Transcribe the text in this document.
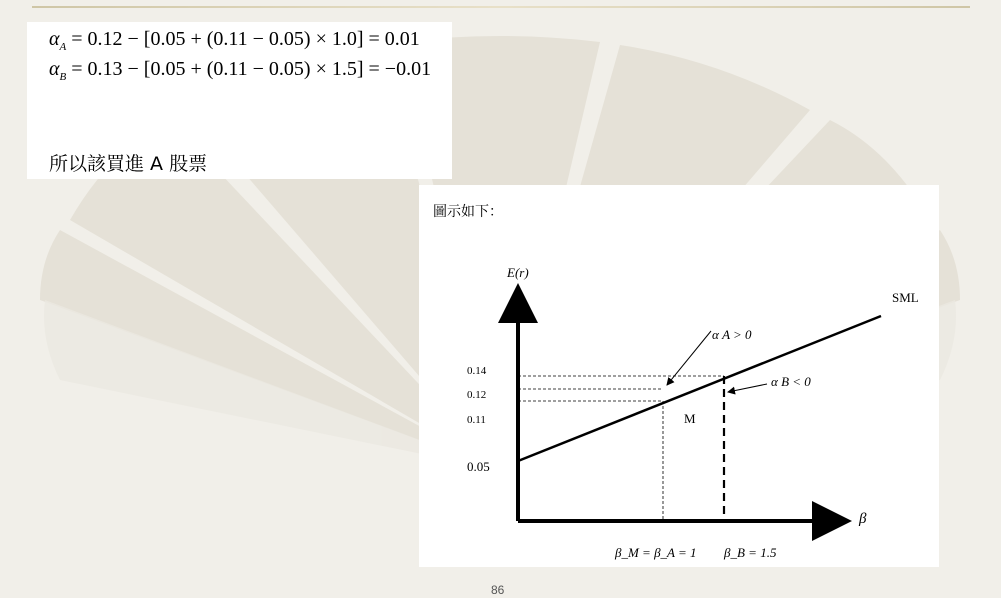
$\alpha_A = 0.12 - [0.05 + (0.11 - 0.05) \times 1.0] = 0.01$
$\alpha_B = 0.13 - [0.05 + (0.11 - 0.05) \times 1.5] = -0.01$
所以該買進 A 股票
0.14
0.12
0.11
0.05
E(r)
β
SML
M
α A > 0
α B < 0
β_M = β_A = 1 β_B = 1.5
圖示如下：
86
